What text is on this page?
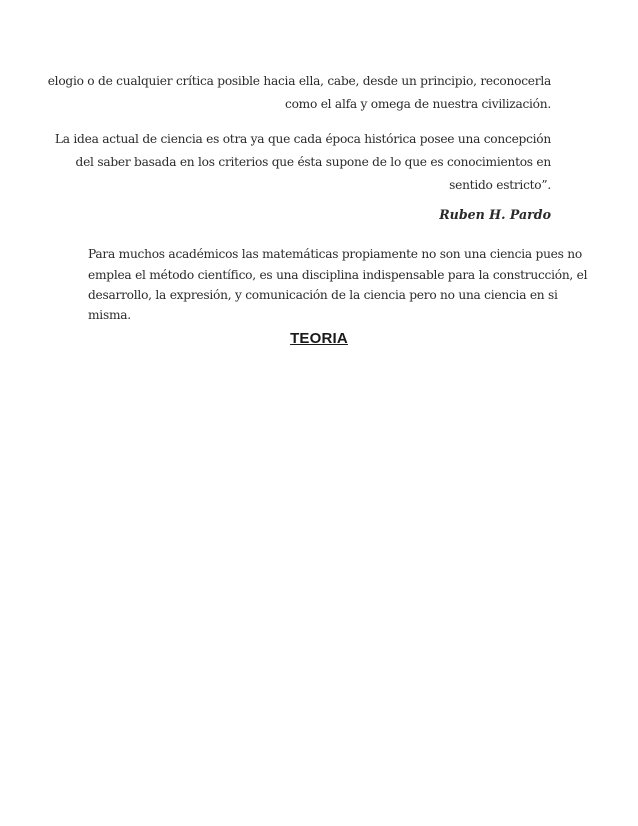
elogio o de cualquier crítica posible hacia ella, cabe, desde un principio, reconocerla
como el alfa y omega de nuestra civilización.
La idea actual de ciencia es otra ya que cada época histórica posee una concepción
del saber basada en los criterios que ésta supone de lo que es conocimientos en
sentido estricto”.
Ruben H. Pardo
Para muchos académicos las matemáticas propiamente no son una ciencia pues no
emplea el método científico, es una disciplina indispensable para la construcción, el
desarrollo, la expresión, y comunicación de la ciencia pero no una ciencia en si
misma.
TEORIA
